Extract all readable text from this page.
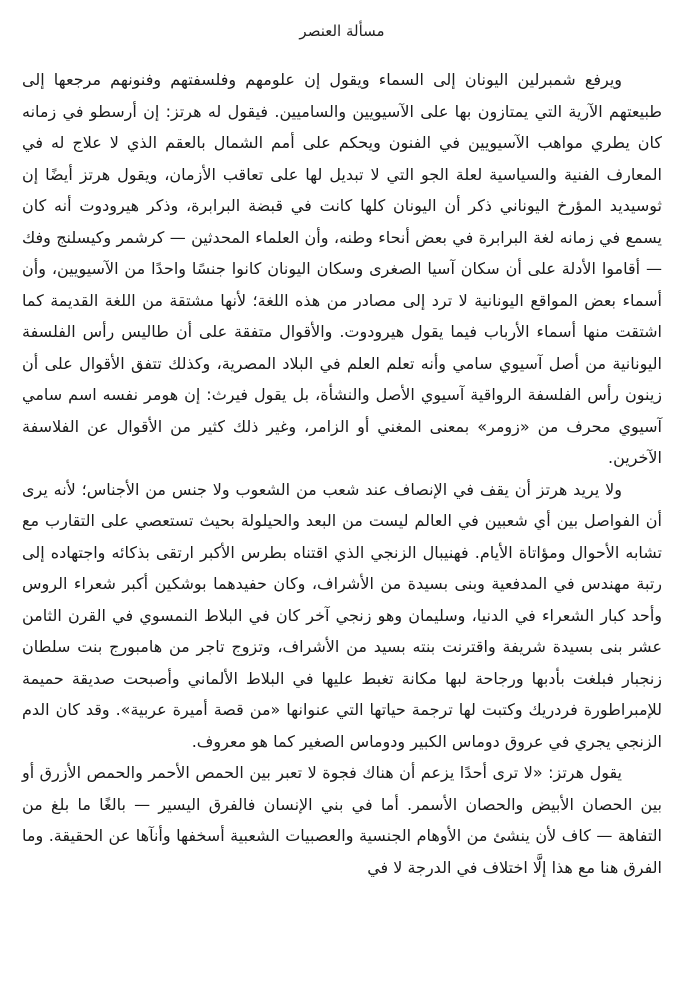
مسألة العنصر

ويرفع شمبرلين اليونان إلى السماء ويقول إن علومهم وفلسفتهم وفنونهم مرجعها إلى طبيعتهم الآرية التي يمتازون بها على الآسيويين والساميين. فيقول له هرتز: إن أرسطو في زمانه كان يطري مواهب الآسيويين في الفنون ويحكم على أمم الشمال بالعقم الذي لا علاج له في المعارف الفنية والسياسية لعلة الجو التي لا تبديل لها على تعاقب الأزمان، ويقول هرتز أيضًا إن ثوسيديد المؤرخ اليوناني ذكر أن اليونان كلها كانت في قبضة البرابرة، وذكر هيرودوت أنه كان يسمع في زمانه لغة البرابرة في بعض أنحاء وطنه، وأن العلماء المحدثين — كرشمر وكيسلنج وفك — أقاموا الأدلة على أن سكان آسيا الصغرى وسكان اليونان كانوا جنسًا واحدًا من الآسيويين، وأن أسماء بعض المواقع اليونانية لا ترد إلى مصادر من هذه اللغة؛ لأنها مشتقة من اللغة القديمة كما اشتقت منها أسماء الأرباب فيما يقول هيرودوت. والأقوال متفقة على أن طاليس رأس الفلسفة اليونانية من أصل آسيوي سامي وأنه تعلم العلم في البلاد المصرية، وكذلك تتفق الأقوال على أن زينون رأس الفلسفة الرواقية آسيوي الأصل والنشأة، بل يقول فيرث: إن هومر نفسه اسم سامي آسيوي محرف من «زومر» بمعنى المغني أو الزامر، وغير ذلك كثير من الأقوال عن الفلاسفة الآخرين.

ولا يريد هرتز أن يقف في الإنصاف عند شعب من الشعوب ولا جنس من الأجناس؛ لأنه يرى أن الفواصل بين أي شعبين في العالم ليست من البعد والحيلولة بحيث تستعصي على التقارب مع تشابه الأحوال ومؤاتاة الأيام. فهنيبال الزنجي الذي اقتناه بطرس الأكبر ارتقى بذكائه واجتهاده إلى رتبة مهندس في المدفعية وبنى بسيدة من الأشراف، وكان حفيدهما بوشكين أكبر شعراء الروس وأحد كبار الشعراء في الدنيا، وسليمان وهو زنجي آخر كان في البلاط النمسوي في القرن الثامن عشر بنى بسيدة شريفة واقترنت بنته بسيد من الأشراف، وتزوج تاجر من هامبورج بنت سلطان زنجبار فبلغت بأدبها ورجاحة لبها مكانة تغبط عليها في البلاط الألماني وأصبحت صديقة حميمة للإمبراطورة فردريك وكتبت لها ترجمة حياتها التي عنوانها «من قصة أميرة عربية». وقد كان الدم الزنجي يجري في عروق دوماس الكبير ودوماس الصغير كما هو معروف.

يقول هرتز: «لا ترى أحدًا يزعم أن هناك فجوة لا تعبر بين الحمص الأحمر والحمص الأزرق أو بين الحصان الأبيض والحصان الأسمر. أما في بني الإنسان فالفرق اليسير — بالغًا ما بلغ من التفاهة — كاف لأن ينشئ من الأوهام الجنسية والعصبيات الشعبية أسخفها وأنآها عن الحقيقة. وما الفرق هنا مع هذا إلَّا اختلاف في الدرجة لا في
